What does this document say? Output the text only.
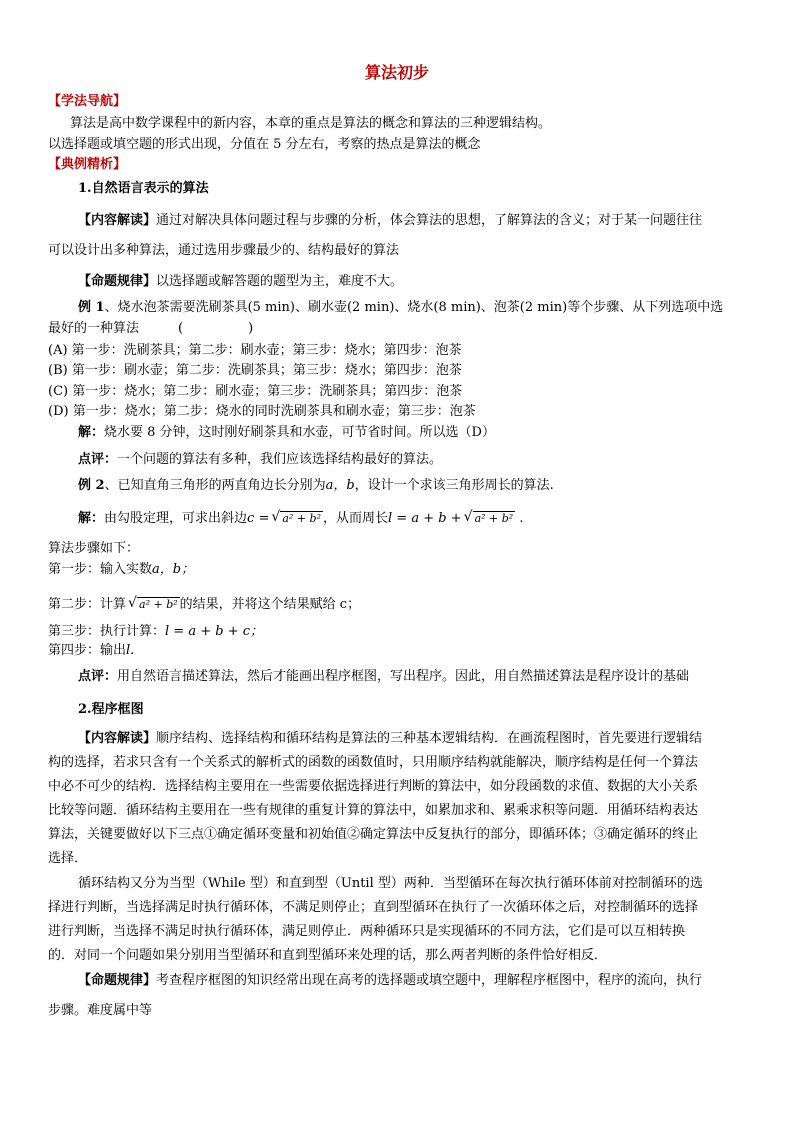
算法初步
【学法导航】
算法是高中数学课程中的新内容，本章的重点是算法的概念和算法的三种逻辑结构。
以选择题或填空题的形式出现，分值在 5 分左右，考察的热点是算法的概念
【典例精析】
1.自然语言表示的算法
【内容解读】通过对解决具体问题过程与步骤的分析，体会算法的思想，了解算法的含义；对于某一问题往往
可以设计出多种算法，通过选用步骤最少的、结构最好的算法
【命题规律】以选择题或解答题的题型为主，难度不大。
例 1、烧水泡茶需要洗刷茶具(5 min)、刷水壶(2 min)、烧水(8 min)、泡茶(2 min)等个步骤、从下列选项中选
最好的一种算法　　　(　　　　　)
(A) 第一步：洗刷茶具；第二步：刷水壶；第三步：烧水；第四步：泡茶
(B) 第一步：刷水壶；第二步：洗刷茶具；第三步：烧水；第四步：泡茶
(C) 第一步：烧水；第二步：刷水壶；第三步：洗刷茶具；第四步：泡茶
(D) 第一步：烧水；第二步：烧水的同时洗刷茶具和刷水壶；第三步：泡茶
解：烧水要 8 分钟，这时刚好刷茶具和水壶，可节省时间。所以选（D）
点评：一个问题的算法有多种，我们应该选择结构最好的算法。
例 2、已知直角三角形的两直角边长分别为a，b，设计一个求该三角形周长的算法.
解：由勾股定理，可求出斜边c = √ a² + b² ，从而周长l = a + b + √ a² + b² .
算法步骤如下：
第一步：输入实数a，b；
第二步：计算 √ a² + b² 的结果，并将这个结果赋给 c；
第三步：执行计算：l = a + b + c；
第四步：输出l.
点评：用自然语言描述算法，然后才能画出程序框图，写出程序。因此，用自然描述算法是程序设计的基础
2.程序框图
【内容解读】顺序结构、选择结构和循环结构是算法的三种基本逻辑结构．在画流程图时，首先要进行逻辑结
构的选择，若求只含有一个关系式的解析式的函数的函数值时，只用顺序结构就能解决，顺序结构是任何一个算法
中必不可少的结构．选择结构主要用在一些需要依据选择进行判断的算法中，如分段函数的求值、数据的大小关系
比较等问题．循环结构主要用在一些有规律的重复计算的算法中，如累加求和、累乘求积等问题．用循环结构表达
算法，关键要做好以下三点①确定循环变量和初始值②确定算法中反复执行的部分，即循环体；③确定循环的终止
选择．
循环结构又分为当型（While 型）和直到型（Until 型）两种．当型循环在每次执行循环体前对控制循环的选
择进行判断，当选择满足时执行循环体，不满足则停止；直到型循环在执行了一次循环体之后，对控制循环的选择
进行判断，当选择不满足时执行循环体，满足则停止．两种循环只是实现循环的不同方法，它们是可以互相转换
的．对同一个问题如果分别用当型循环和直到型循环来处理的话，那么两者判断的条件恰好相反．
【命题规律】考查程序框图的知识经常出现在高考的选择题或填空题中，理解程序框图中，程序的流向，执行
步骤。难度属中等
